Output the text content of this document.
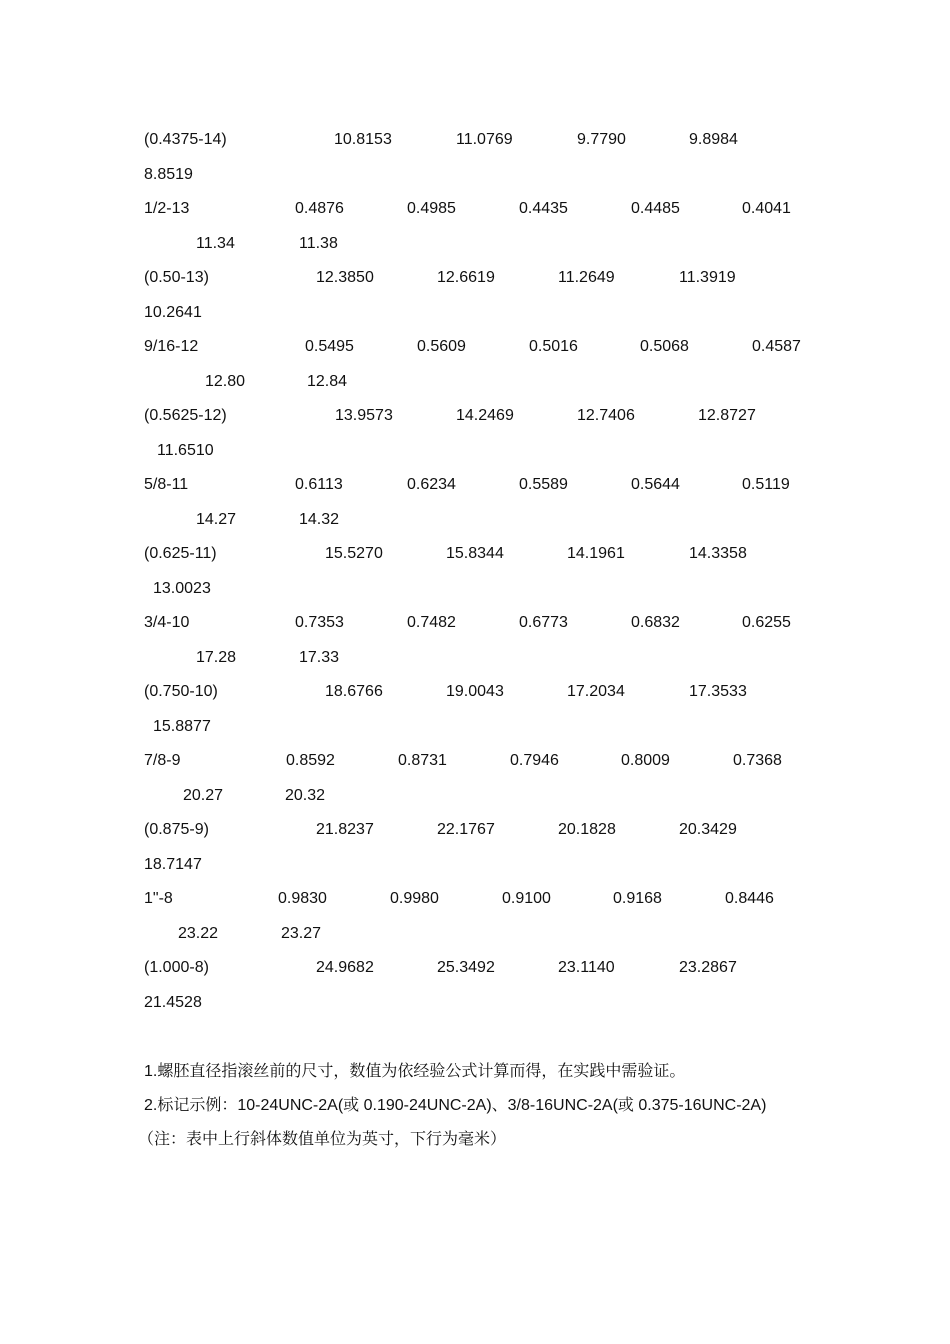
(0.4375-14)	10.8153	11.0769	9.7790	9.8984
8.8519
1/2-13	0.4876	0.4985	0.4435	0.4485	0.4041
11.34	11.38
(0.50-13)	12.3850	12.6619	11.2649	11.3919
10.2641
9/16-12	0.5495	0.5609	0.5016	0.5068	0.4587
12.80	12.84
(0.5625-12)	13.9573	14.2469	12.7406	12.8727
11.6510
5/8-11	0.6113	0.6234	0.5589	0.5644	0.5119
14.27	14.32
(0.625-11)	15.5270	15.8344	14.1961	14.3358
13.0023
3/4-10	0.7353	0.7482	0.6773	0.6832	0.6255
17.28	17.33
(0.750-10)	18.6766	19.0043	17.2034	17.3533
15.8877
7/8-9	0.8592	0.8731	0.7946	0.8009	0.7368
20.27	20.32
(0.875-9)	21.8237	22.1767	20.1828	20.3429
18.7147
1"-8	0.9830	0.9980	0.9100	0.9168	0.8446
23.22	23.27
(1.000-8)	24.9682	25.3492	23.1140	23.2867
21.4528
1.螺胚直径指滚丝前的尺寸，数值为依经验公式计算而得，在实践中需验证。
2.标记示例：10-24UNC-2A(或 0.190-24UNC-2A)、3/8-16UNC-2A(或 0.375-16UNC-2A)
（注：表中上行斜体数值单位为英寸，下行为毫米）
